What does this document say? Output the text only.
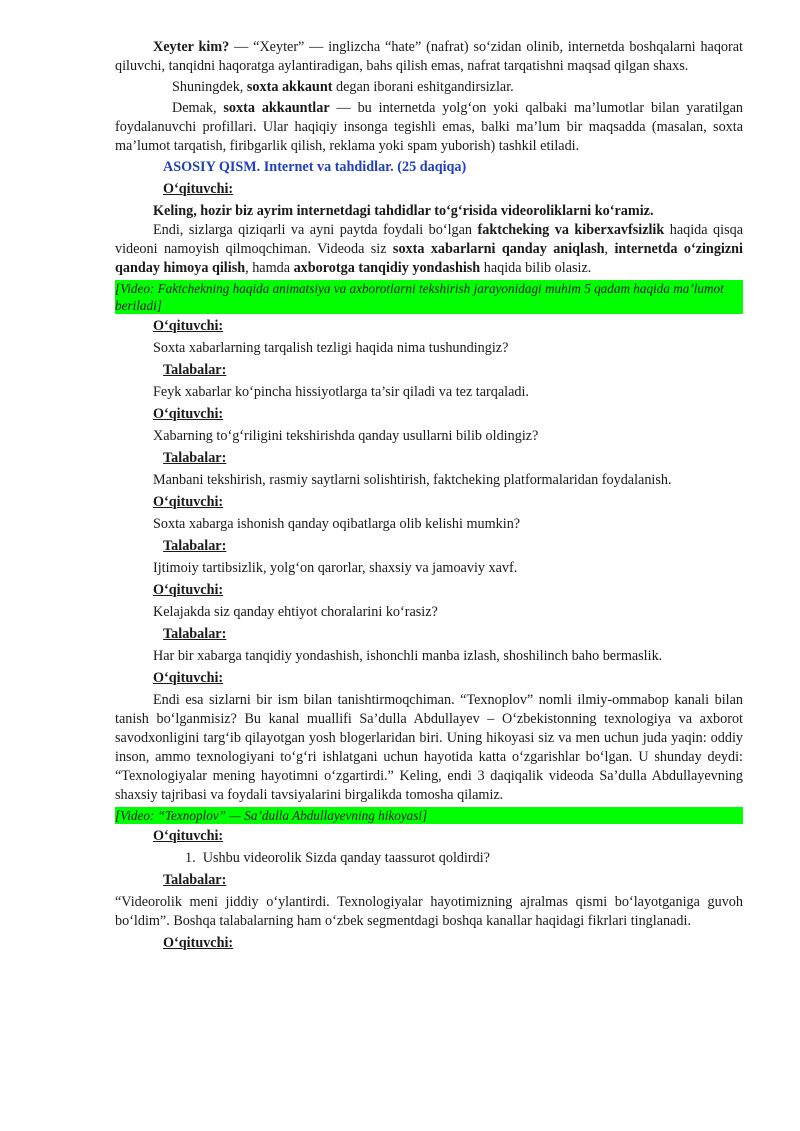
Xeyter kim? — “Xeyter” — inglizcha “hate” (nafrat) so‘zidan olinib, internetda boshqalarni haqorat qiluvchi, tanqidni haqoratga aylantiradigan, bahs qilish emas, nafrat tarqatishni maqsad qilgan shaxs.

Shuningdek, soxta akkaunt degan iborani eshitgandirsizlar.

Demak, soxta akkauntlar — bu internetda yolg‘on yoki qalbaki ma’lumotlar bilan yaratilgan foydalanuvchi profillari. Ular haqiqiy insonga tegishli emas, balki ma’lum bir maqsadda (masalan, soxta ma’lumot tarqatish, firibgarlik qilish, reklama yoki spam yuborish) tashkil etiladi.

ASOSIY QISM. Internet va tahdidlar. (25 daqiqa)
O‘qituvchi:
Keling, hozir biz ayrim internetdagi tahdidlar to‘g‘risida videoroliklarni ko‘ramiz.

Endi, sizlarga qiziqarli va ayni paytda foydali bo‘lgan faktcheking va kiberxavfsizlik haqida qisqa videoni namoyish qilmoqchiman. Videoda siz soxta xabarlarni qanday aniqlash, internetda o‘zingizni qanday himoya qilish, hamda axborotga tanqidiy yondashish haqida bilib olasiz.

[Video: Faktchekning haqida animatsiya va axborotlarni tekshirish jarayonidagi muhim 5 qadam haqida ma’lumot beriladi]
O‘qituvchi:
Soxta xabarlarning tarqalish tezligi haqida nima tushundingiz?
Talabalar:
Feyk xabarlar ko‘pincha hissiyotlarga ta’sir qiladi va tez tarqaladi.
O‘qituvchi:
Xabarning to‘g‘riligini tekshirishda qanday usullarni bilib oldingiz?
Talabalar:
Manbani tekshirish, rasmiy saytlarni solishtirish, faktcheking platformalaridan foydalanish.
O‘qituvchi:
Soxta xabarga ishonish qanday oqibatlarga olib kelishi mumkin?
Talabalar:
Ijtimoiy tartibsizlik, yolg‘on qarorlar, shaxsiy va jamoaviy xavf.
O‘qituvchi:
Kelajakda siz qanday ehtiyot choralarini ko‘rasiz?
Talabalar:
Har bir xabarga tanqidiy yondashish, ishonchli manba izlash, shoshilinch baho bermaslik.
O‘qituvchi:

Endi esa sizlarni bir ism bilan tanishtirmoqchiman. “Texnoplov” nomli ilmiy-ommabop kanali bilan tanish bo‘lganmisiz? Bu kanal muallifi Sa’dulla Abdullayev – O‘zbekistonning texnologiya va axborot savodxonligini targ‘ib qilayotgan yosh blogerlaridan biri. Uning hikoyasi siz va men uchun juda yaqin: oddiy inson, ammo texnologiyani to‘g‘ri ishlatgani uchun hayotida katta o‘zgarishlar bo‘lgan. U shunday deydi: “Texnologiyalar mening hayotimni o‘zgartirdi.” Keling, endi 3 daqiqalik videoda Sa’dulla Abdullayevning shaxsiy tajribasi va foydali tavsiyalarini birgalikda tomosha qilamiz.

[Video: “Texnoplov” — Sa’dulla Abdullayevning hikoyasi]
O‘qituvchi:
1. Ushbu videorolik Sizda qanday taassurot qoldirdi?
Talabalar:

“Videorolik meni jiddiy o‘ylantirdi. Texnologiyalar hayotimizning ajralmas qismi bo‘layotganiga guvoh bo‘ldim”. Boshqa talabalarning ham o‘zbek segmentdagi boshqa kanallar haqidagi fikrlari tinglanadi.

O‘qituvchi:
